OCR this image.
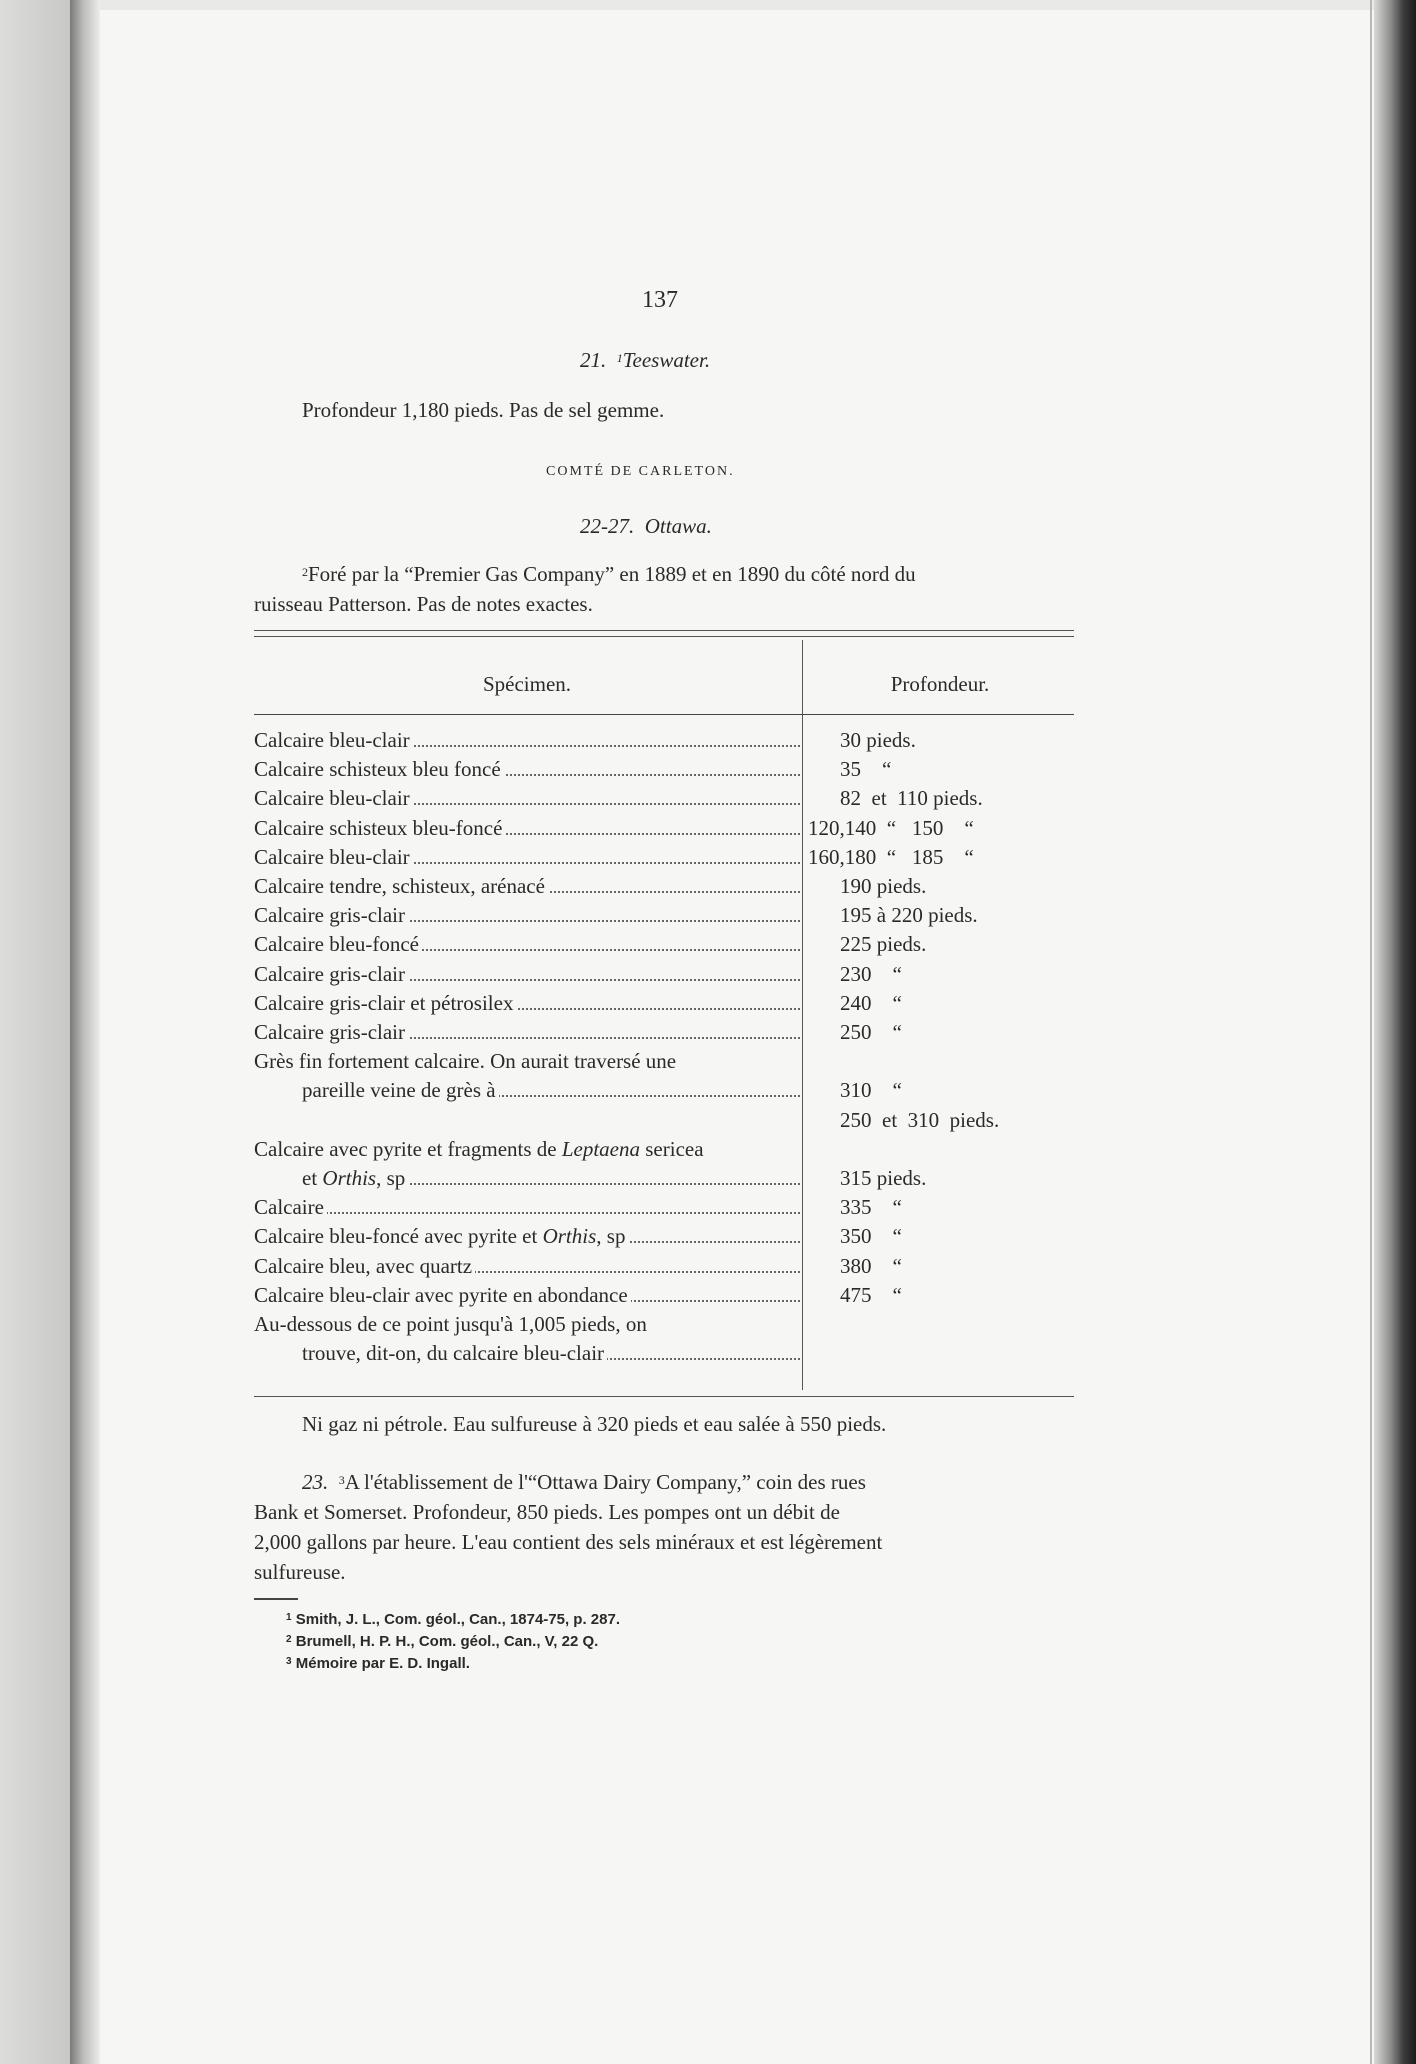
137
21. $^1$Teeswater.
Profondeur 1,180 pieds. Pas de sel gemme.
COMTÉ DE CARLETON.
22-27. Ottawa.
$^2$Foré par la “Premier Gas Company” en 1889 et en 1890 du côté nord du
ruisseau Patterson. Pas de notes exactes.
Spécimen.	Profondeur.
Calcaire bleu-clair	30 pieds.
Calcaire schisteux bleu foncé	35    “
Calcaire bleu-clair	82  et  110 pieds.
Calcaire schisteux bleu-foncé	120,140  “   150    “
Calcaire bleu-clair	160,180  “   185    “
Calcaire tendre, schisteux, arénacé	190 pieds.
Calcaire gris-clair	195 à 220 pieds.
Calcaire bleu-foncé	225 pieds.
Calcaire gris-clair	230    “
Calcaire gris-clair et pétrosilex	240    “
Calcaire gris-clair	250    “
Grès fin fortement calcaire. On aurait traversé une
pareille veine de grès à	310    “
250  et  310  pieds.
Calcaire avec pyrite et fragments de Leptaena sericea
et Orthis, sp	315 pieds.
Calcaire	335    “
Calcaire bleu-foncé avec pyrite et Orthis, sp	350    “
Calcaire bleu, avec quartz	380    “
Calcaire bleu-clair avec pyrite en abondance	475    “
Au-dessous de ce point jusqu'à 1,005 pieds, on
trouve, dit-on, du calcaire bleu-clair
Ni gaz ni pétrole. Eau sulfureuse à 320 pieds et eau salée à 550 pieds.
23. $^3$A l'établissement de l'“Ottawa Dairy Company,” coin des rues
Bank et Somerset. Profondeur, 850 pieds. Les pompes ont un débit de
2,000 gallons par heure. L'eau contient des sels minéraux et est légèrement
sulfureuse.
$^1$ Smith, J. L., Com. géol., Can., 1874-75, p. 287.
$^2$ Brumell, H. P. H., Com. géol., Can., V, 22 Q.
$^3$ Mémoire par E. D. Ingall.
